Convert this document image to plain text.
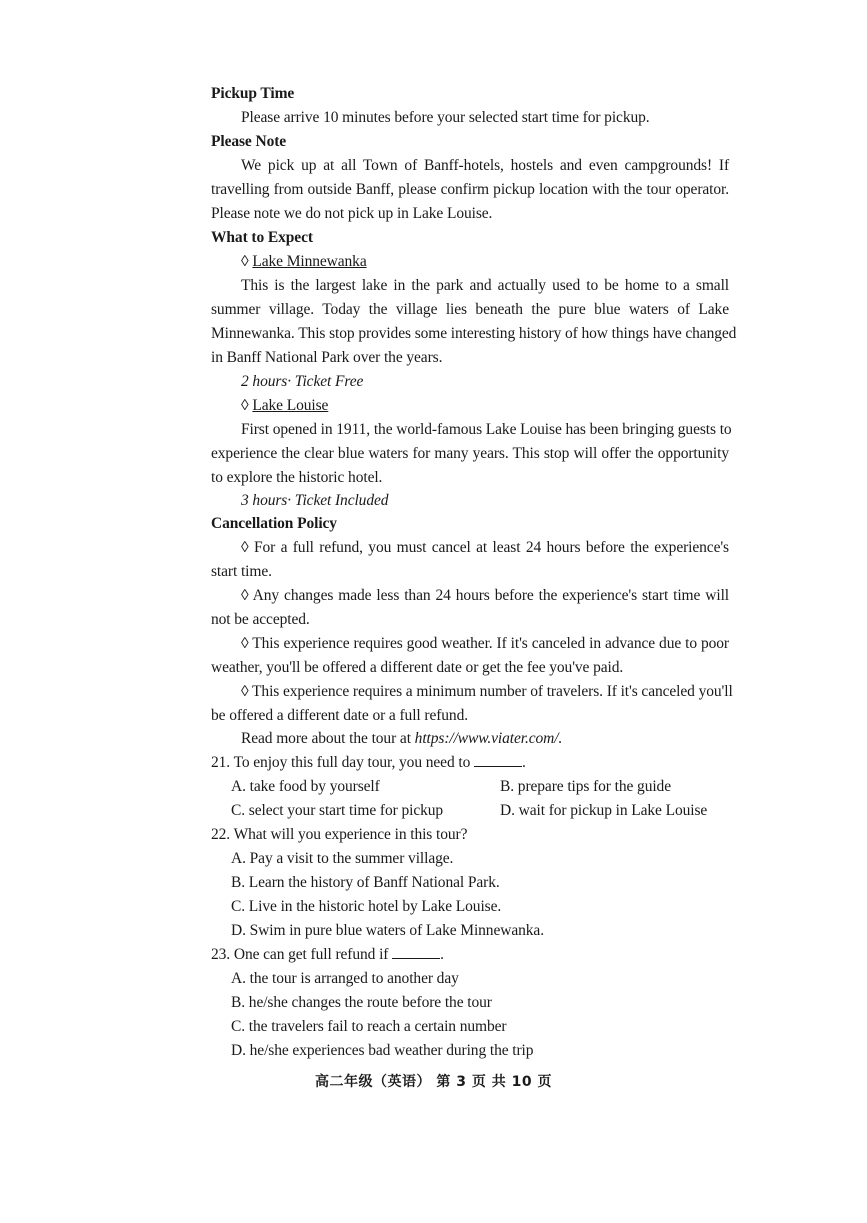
Pickup Time
Please arrive 10 minutes before your selected start time for pickup.
Please Note
We pick up at all Town of Banff-hotels, hostels and even campgrounds! If
travelling from outside Banff, please confirm pickup location with the tour operator.
Please note we do not pick up in Lake Louise.
What to Expect
◊ Lake Minnewanka
This is the largest lake in the park and actually used to be home to a small
summer village. Today the village lies beneath the pure blue waters of Lake
Minnewanka. This stop provides some interesting history of how things have changed
in Banff National Park over the years.
2 hours· Ticket Free
◊ Lake Louise
First opened in 1911, the world-famous Lake Louise has been bringing guests to
experience the clear blue waters for many years. This stop will offer the opportunity
to explore the historic hotel.
3 hours· Ticket Included
Cancellation Policy
◊ For a full refund, you must cancel at least 24 hours before the experience's
start time.
◊ Any changes made less than 24 hours before the experience's start time will
not be accepted.
◊ This experience requires good weather. If it's canceled in advance due to poor
weather, you'll be offered a different date or get the fee you've paid.
◊ This experience requires a minimum number of travelers. If it's canceled you'll
be offered a different date or a full refund.
Read more about the tour at https://www.viater.com/.
21. To enjoy this full day tour, you need to	.
A. take food by yourself	B. prepare tips for the guide
C. select your start time for pickup	D. wait for pickup in Lake Louise
22. What will you experience in this tour?
A. Pay a visit to the summer village.
B. Learn the history of Banff National Park.
C. Live in the historic hotel by Lake Louise.
D. Swim in pure blue waters of Lake Minnewanka.
23. One can get full refund if	.
A. the tour is arranged to another day
B. he/she changes the route before the tour
C. the travelers fail to reach a certain number
D. he/she experiences bad weather during the trip
高二年级（英语） 第 3 页 共 10 页
